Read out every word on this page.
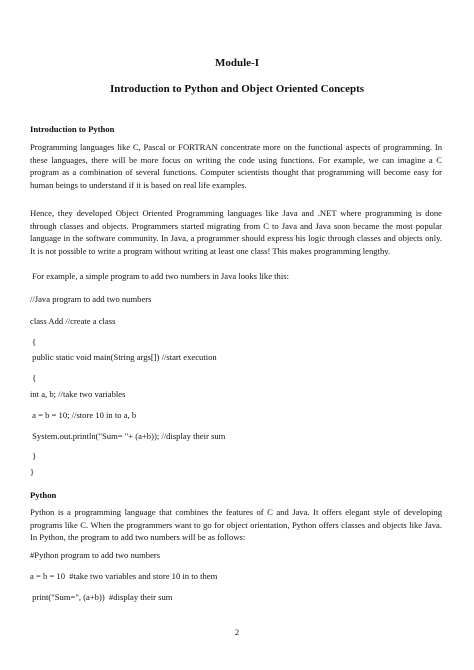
Module-I
Introduction to Python and Object Oriented Concepts
Introduction to Python

Programming languages like C, Pascal or FORTRAN concentrate more on the functional aspects of programming. In these languages, there will be more focus on writing the code using functions. For example, we can imagine a C program as a combination of several functions. Computer scientists thought that programming will become easy for human beings to understand if it is based on real life examples.

Hence, they developed Object Oriented Programming languages like Java and .NET where programming is done through classes and objects. Programmers started migrating from C to Java and Java soon became the most popular language in the software community. In Java, a programmer should express his logic through classes and objects only. It is not possible to write a program without writing at least one class! This makes programming lengthy.

For example, a simple program to add two numbers in Java looks like this:
//Java program to add two numbers
class Add //create a class
{
public static void main(String args[]) //start execution
{
int a, b; //take two variables
a = b = 10; //store 10 in to a, b
System.out.println("Sum= "+ (a+b)); //display their sum
}
}
Python

Python is a programming language that combines the features of C and Java. It offers elegant style of developing programs like C. When the programmers want to go for object orientation, Python offers classes and objects like Java. In Python, the program to add two numbers will be as follows:

#Python program to add two numbers
a = b = 10  #take two variables and store 10 in to them
print("Sum=", (a+b))  #display their sum
2
